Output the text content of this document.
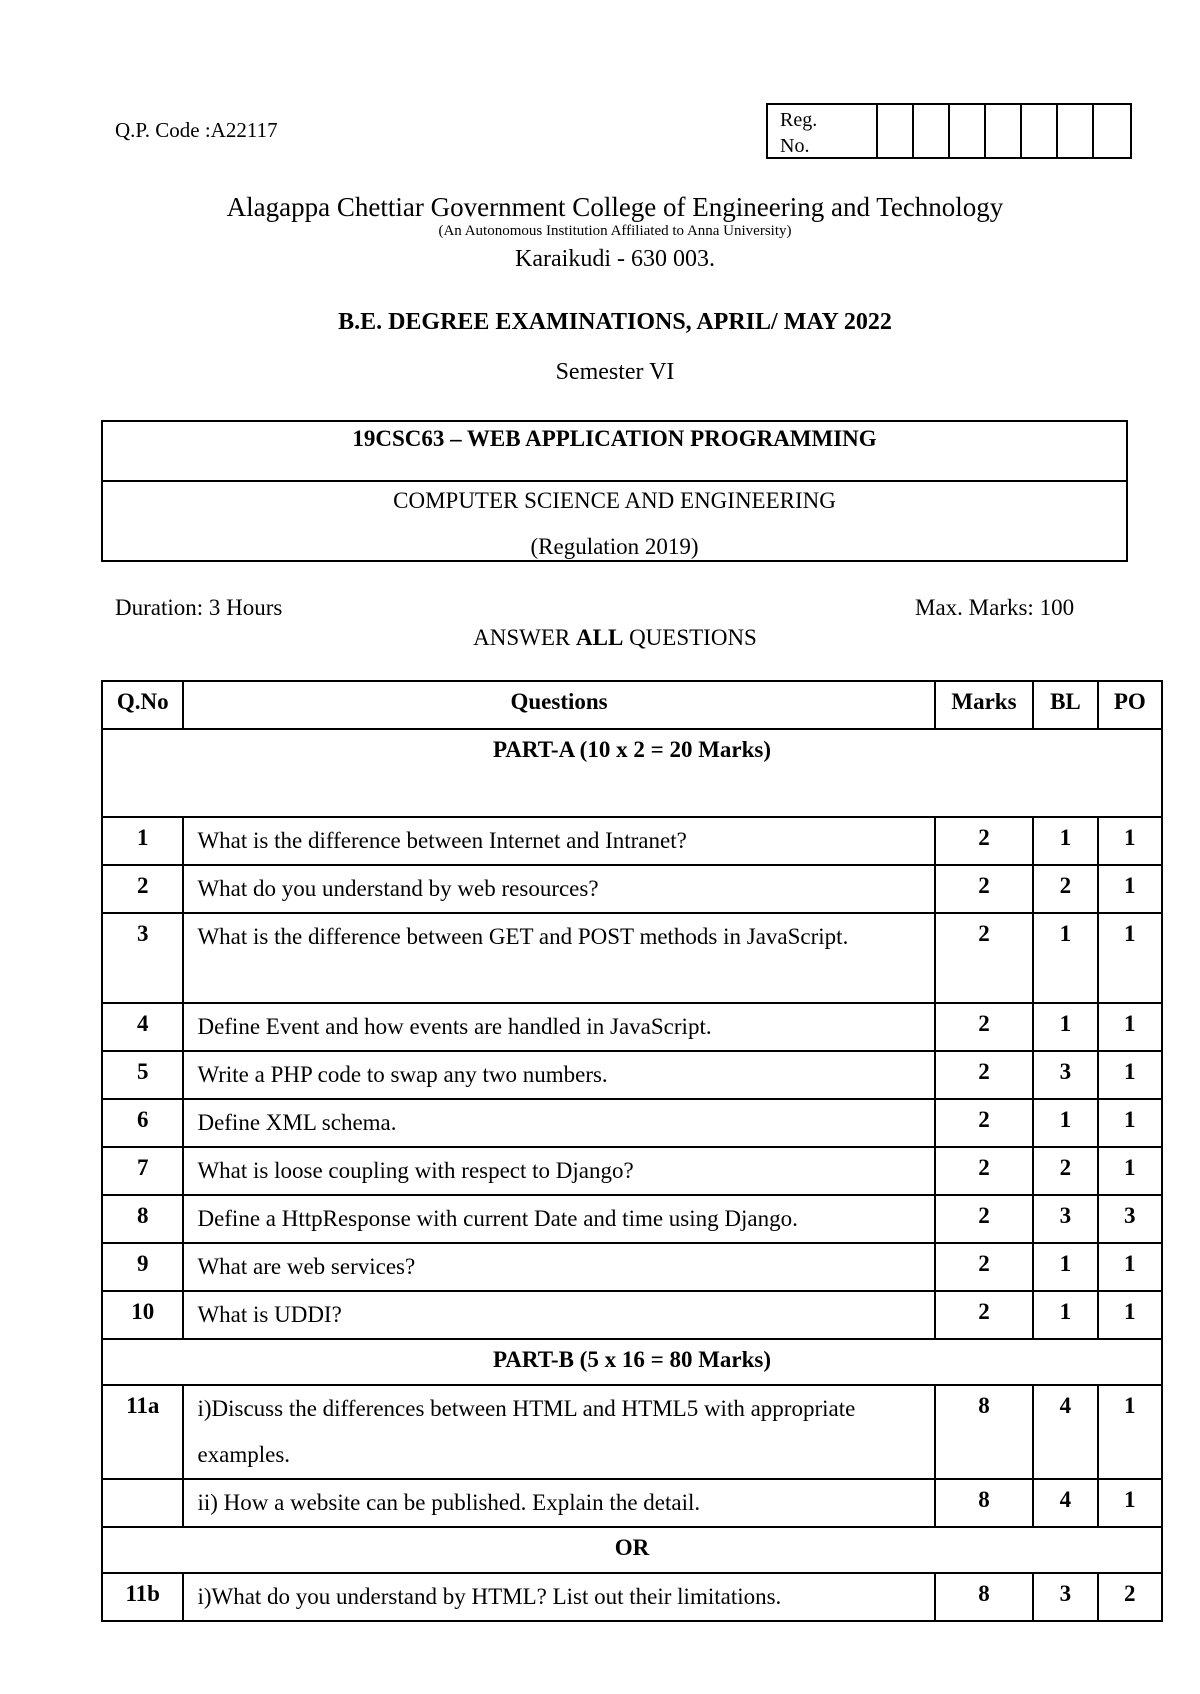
Q.P. Code :A22117	Reg.
No.
Alagappa Chettiar Government College of Engineering and Technology
(An Autonomous Institution Affiliated to Anna University)
Karaikudi - 630 003.
B.E. DEGREE EXAMINATIONS, APRIL/ MAY 2022
Semester VI
19CSC63 – WEB APPLICATION PROGRAMMING
COMPUTER SCIENCE AND ENGINEERING
(Regulation 2019)
Duration: 3 Hours	Max. Marks: 100
ANSWER ALL QUESTIONS
Q.No	Questions	Marks	BL	PO
PART-A (10 x 2 = 20 Marks)				
1	What is the difference between Internet and Intranet?	2	1	1
2	What do you understand by web resources?	2	2	1
3	What is the difference between GET and POST methods in JavaScript.	2	1	1
4	Define Event and how events are handled in JavaScript.	2	1	1
5	Write a PHP code to swap any two numbers.	2	3	1
6	Define XML schema.	2	1	1
7	What is loose coupling with respect to Django?	2	2	1
8	Define a HttpResponse with current Date and time using Django.	2	3	3
9	What are web services?	2	1	1
10	What is UDDI?	2	1	1
PART-B (5 x 16 = 80 Marks)				
11a	i)Discuss the differences between HTML and HTML5 with appropriate examples.	8	4	1
	ii) How a website can be published. Explain the detail.	8	4	1
OR				
11b	i)What do you understand by HTML? List out their limitations.	8	3	2
